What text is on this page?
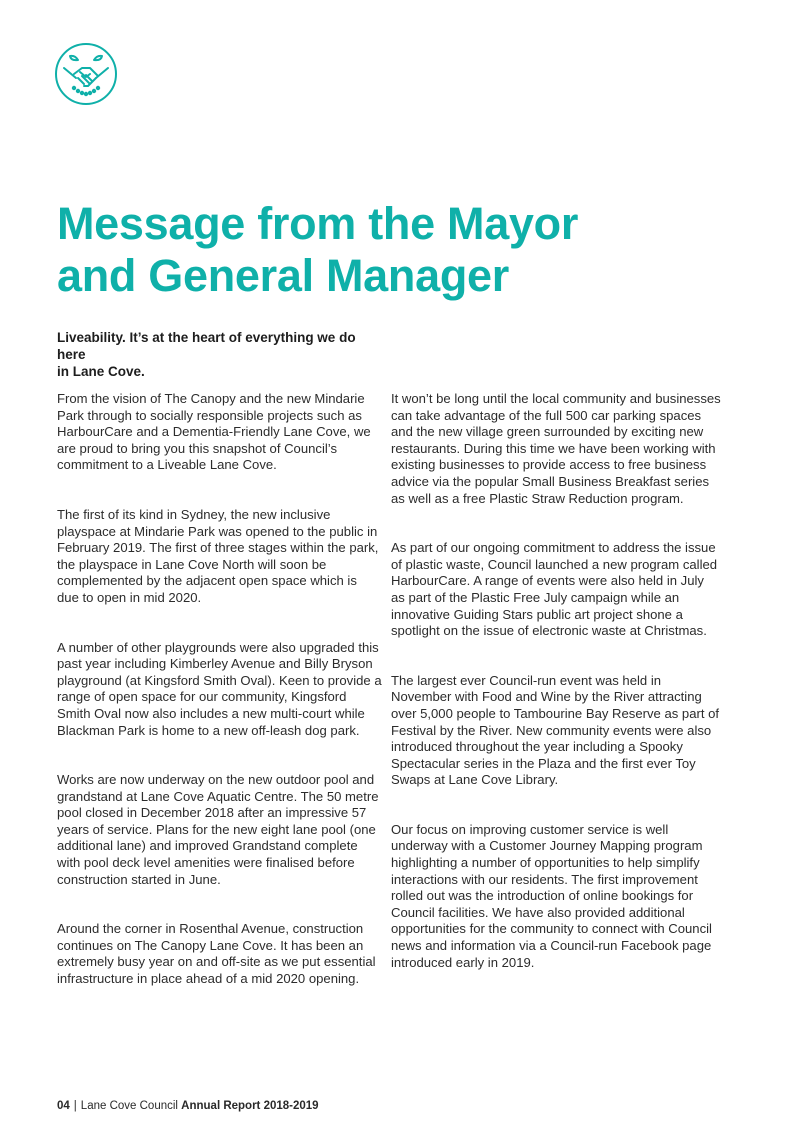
Message from the Mayor
and General Manager

Liveability. It’s at the heart of everything we do here
in Lane Cove.

From the vision of The Canopy and the new Mindarie Park through to socially responsible projects such as HarbourCare and a Dementia-Friendly Lane Cove, we are proud to bring you this snapshot of Council’s commitment to a Liveable Lane Cove.

The first of its kind in Sydney, the new inclusive playspace at Mindarie Park was opened to the public in February 2019. The first of three stages within the park, the playspace in Lane Cove North will soon be complemented by the adjacent open space which is due to open in mid 2020.

A number of other playgrounds were also upgraded this past year including Kimberley Avenue and Billy Bryson playground (at Kingsford Smith Oval). Keen to provide a range of open space for our community, Kingsford Smith Oval now also includes a new multi-court while Blackman Park is home to a new off-leash dog park.

Works are now underway on the new outdoor pool and grandstand at Lane Cove Aquatic Centre. The 50 metre pool closed in December 2018 after an impressive 57 years of service. Plans for the new eight lane pool (one additional lane) and improved Grandstand complete with pool deck level amenities were finalised before construction started in June.

Around the corner in Rosenthal Avenue, construction continues on The Canopy Lane Cove. It has been an extremely busy year on and off-site as we put essential infrastructure in place ahead of a mid 2020 opening.

It won’t be long until the local community and businesses can take advantage of the full 500 car parking spaces and the new village green surrounded by exciting new restaurants. During this time we have been working with existing businesses to provide access to free business advice via the popular Small Business Breakfast series as well as a free Plastic Straw Reduction program.

As part of our ongoing commitment to address the issue of plastic waste, Council launched a new program called HarbourCare. A range of events were also held in July as part of the Plastic Free July campaign while an innovative Guiding Stars public art project shone a spotlight on the issue of electronic waste at Christmas.

The largest ever Council-run event was held in November with Food and Wine by the River attracting over 5,000 people to Tambourine Bay Reserve as part of Festival by the River. New community events were also introduced throughout the year including a Spooky Spectacular series in the Plaza and the first ever Toy Swaps at Lane Cove Library.

Our focus on improving customer service is well underway with a Customer Journey Mapping program highlighting a number of opportunities to help simplify interactions with our residents. The first improvement rolled out was the introduction of online bookings for Council facilities. We have also provided additional opportunities for the community to connect with Council news and information via a Council-run Facebook page introduced early in 2019.

04 | Lane Cove Council Annual Report 2018-2019
